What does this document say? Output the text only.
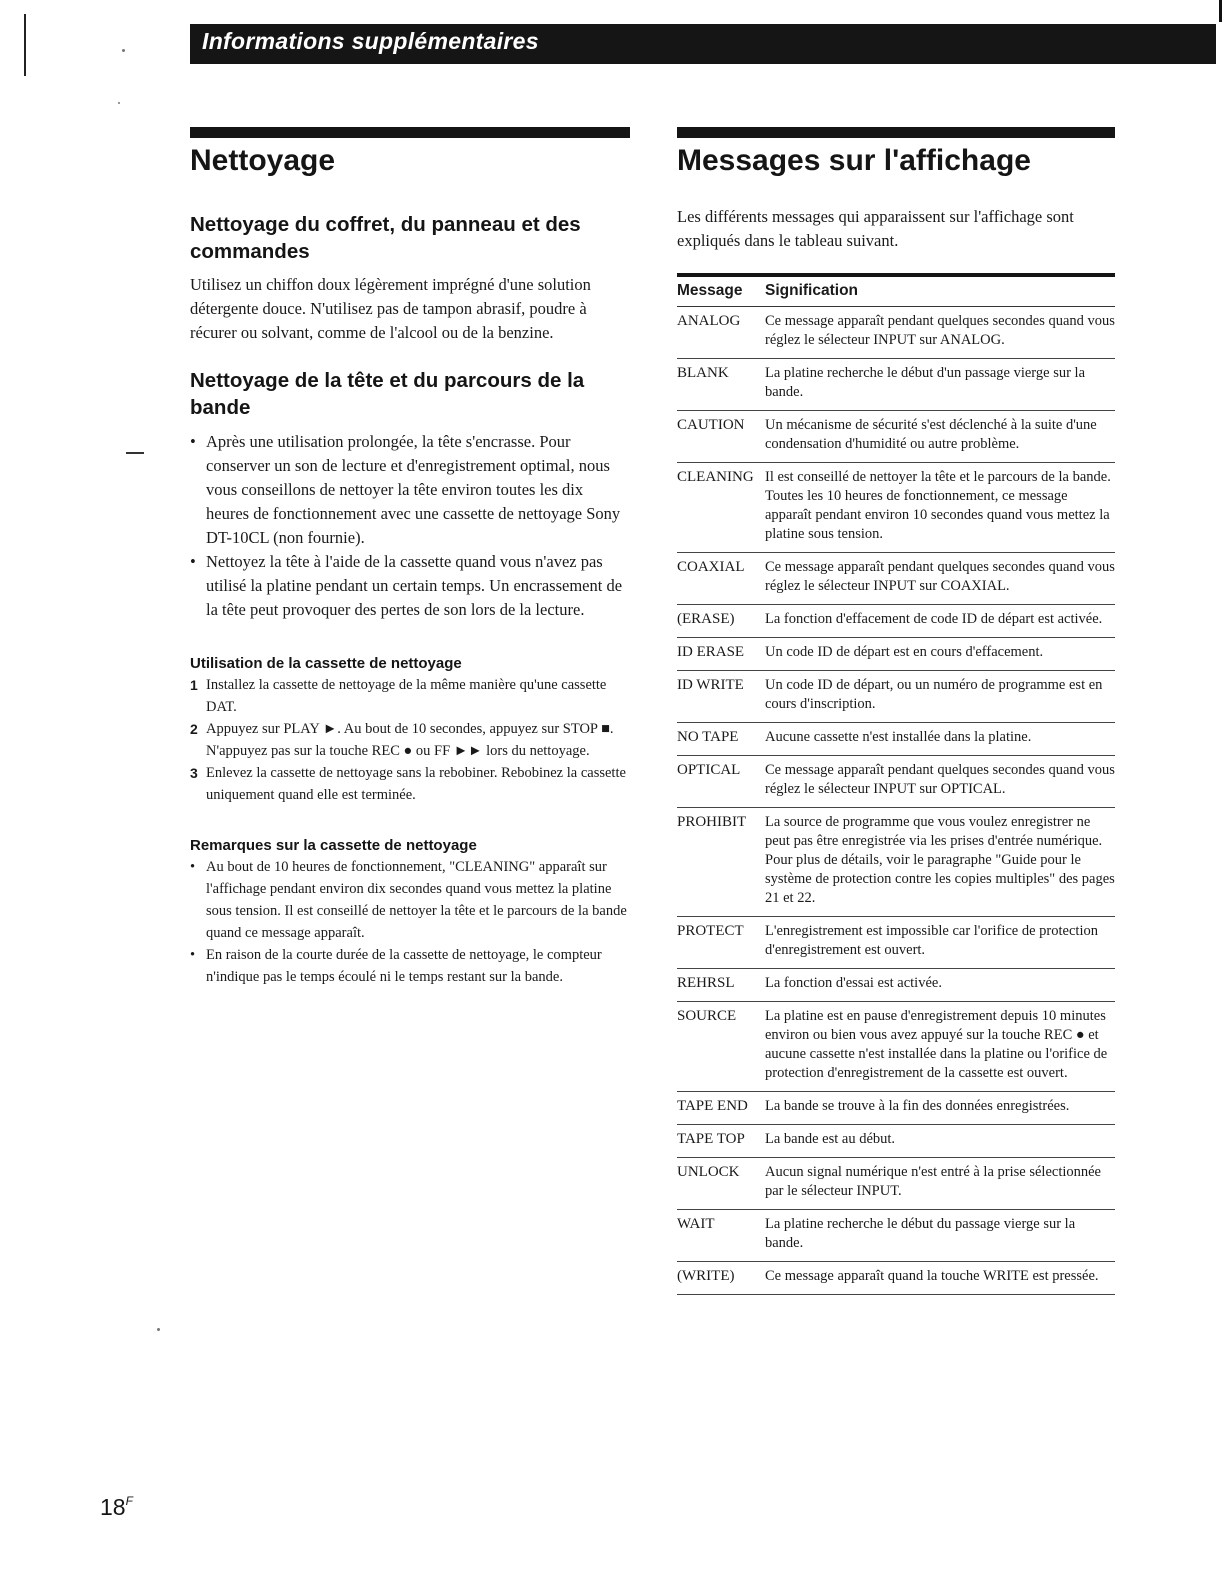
Informations supplémentaires
Nettoyage
Nettoyage du coffret, du panneau et des commandes

Utilisez un chiffon doux légèrement imprégné d'une solution détergente douce. N'utilisez pas de tampon abrasif, poudre à récurer ou solvant, comme de l'alcool ou de la benzine.

Nettoyage de la tête et du parcours de la bande
• Après une utilisation prolongée, la tête s'encrasse. Pour conserver un son de lecture et d'enregistrement optimal, nous vous conseillons de nettoyer la tête environ toutes les dix heures de fonctionnement avec une cassette de nettoyage Sony DT-10CL (non fournie).
• Nettoyez la tête à l'aide de la cassette quand vous n'avez pas utilisé la platine pendant un certain temps. Un encrassement de la tête peut provoquer des pertes de son lors de la lecture.
Utilisation de la cassette de nettoyage
1 Installez la cassette de nettoyage de la même manière qu'une cassette DAT.
2 Appuyez sur PLAY ►. Au bout de 10 secondes, appuyez sur STOP ■. N'appuyez pas sur la touche REC ● ou FF ►► lors du nettoyage.
3 Enlevez la cassette de nettoyage sans la rebobiner. Rebobinez la cassette uniquement quand elle est terminée.
Remarques sur la cassette de nettoyage
• Au bout de 10 heures de fonctionnement, "CLEANING" apparaît sur l'affichage pendant environ dix secondes quand vous mettez la platine sous tension. Il est conseillé de nettoyer la tête et le parcours de la bande quand ce message apparaît.
• En raison de la courte durée de la cassette de nettoyage, le compteur n'indique pas le temps écoulé ni le temps restant sur la bande.
Messages sur l'affichage

Les différents messages qui apparaissent sur l'affichage sont expliqués dans le tableau suivant.

Message	Signification
ANALOG	Ce message apparaît pendant quelques secondes quand vous réglez le sélecteur INPUT sur ANALOG.
BLANK	La platine recherche le début d'un passage vierge sur la bande.
CAUTION	Un mécanisme de sécurité s'est déclenché à la suite d'une condensation d'humidité ou autre problème.
CLEANING Il est conseillé de nettoyer la tête et le parcours de la bande. Toutes les 10 heures de fonctionnement, ce message apparaît pendant environ 10 secondes quand vous mettez la platine sous tension.
COAXIAL	Ce message apparaît pendant quelques secondes quand vous réglez le sélecteur INPUT sur COAXIAL.
(ERASE)	La fonction d'effacement de code ID de départ est activée.
ID ERASE	Un code ID de départ est en cours d'effacement.
ID WRITE	Un code ID de départ, ou un numéro de programme est en cours d'inscription.
NO TAPE	Aucune cassette n'est installée dans la platine.
OPTICAL	Ce message apparaît pendant quelques secondes quand vous réglez le sélecteur INPUT sur OPTICAL.
PROHIBIT	La source de programme que vous voulez enregistrer ne peut pas être enregistrée via les prises d'entrée numérique. Pour plus de détails, voir le paragraphe "Guide pour le système de protection contre les copies multiples" des pages 21 et 22.
PROTECT	L'enregistrement est impossible car l'orifice de protection d'enregistrement est ouvert.
REHRSL	La fonction d'essai est activée.
SOURCE	La platine est en pause d'enregistrement depuis 10 minutes environ ou bien vous avez appuyé sur la touche REC ● et aucune cassette n'est installée dans la platine ou l'orifice de protection d'enregistrement de la cassette est ouvert.
TAPE END	La bande se trouve à la fin des données enregistrées.
TAPE TOP	La bande est au début.
UNLOCK	Aucun signal numérique n'est entré à la prise sélectionnée par le sélecteur INPUT.
WAIT	La platine recherche le début du passage vierge sur la bande.
(WRITE)	Ce message apparaît quand la touche WRITE est pressée.
$18^F$
